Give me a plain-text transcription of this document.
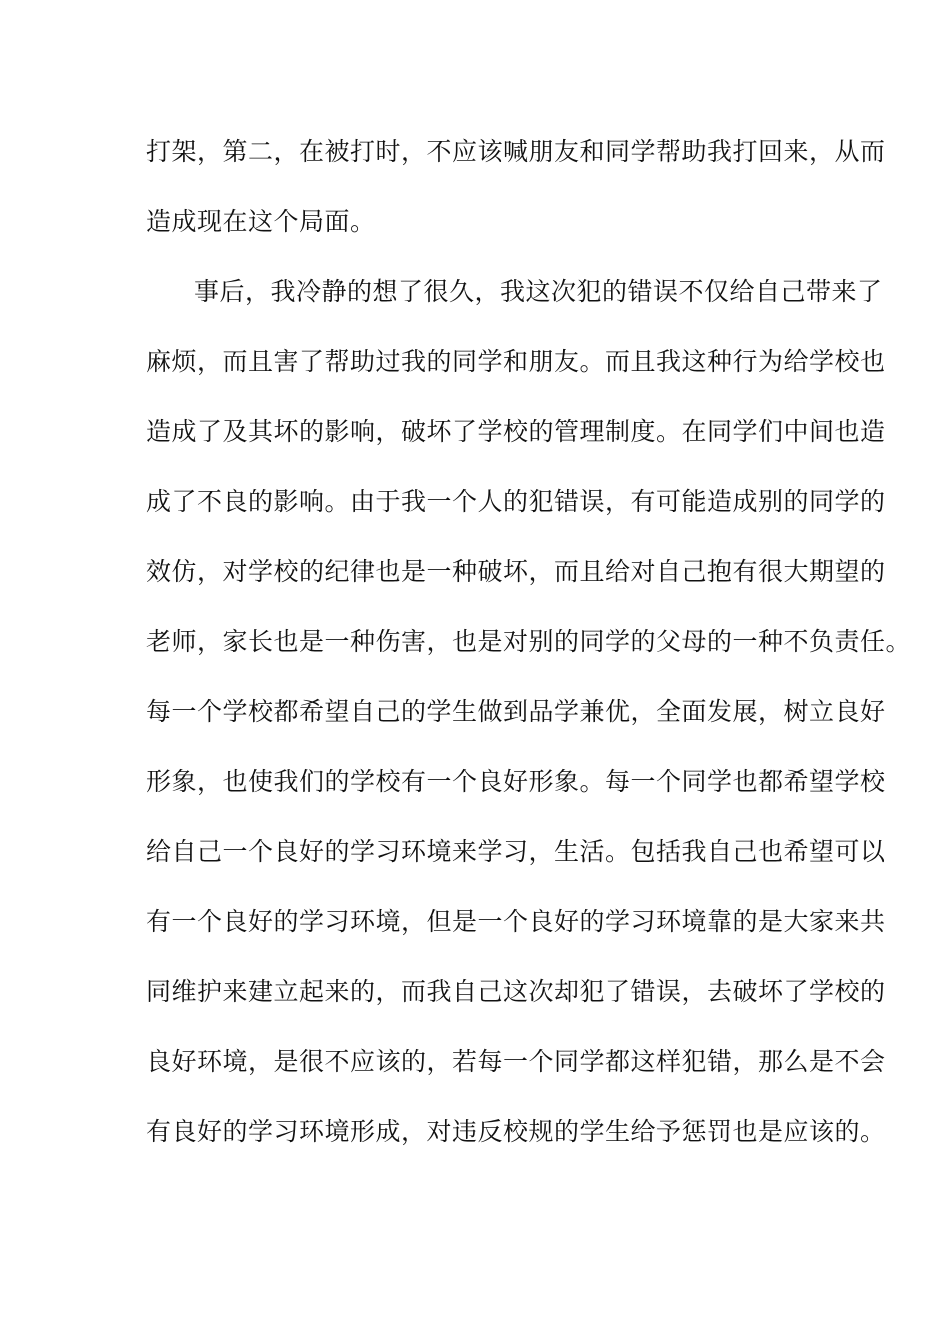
打架，第二，在被打时，不应该喊朋友和同学帮助我打回来，从而
造成现在这个局面。
事后，我冷静的想了很久，我这次犯的错误不仅给自己带来了
麻烦，而且害了帮助过我的同学和朋友。而且我这种行为给学校也
造成了及其坏的影响，破坏了学校的管理制度。在同学们中间也造
成了不良的影响。由于我一个人的犯错误，有可能造成别的同学的
效仿，对学校的纪律也是一种破坏，而且给对自己抱有很大期望的
老师，家长也是一种伤害，也是对别的同学的父母的一种不负责任。
每一个学校都希望自己的学生做到品学兼优，全面发展，树立良好
形象，也使我们的学校有一个良好形象。每一个同学也都希望学校
给自己一个良好的学习环境来学习，生活。包括我自己也希望可以
有一个良好的学习环境，但是一个良好的学习环境靠的是大家来共
同维护来建立起来的，而我自己这次却犯了错误，去破坏了学校的
良好环境，是很不应该的，若每一个同学都这样犯错，那么是不会
有良好的学习环境形成，对违反校规的学生给予惩罚也是应该的。
